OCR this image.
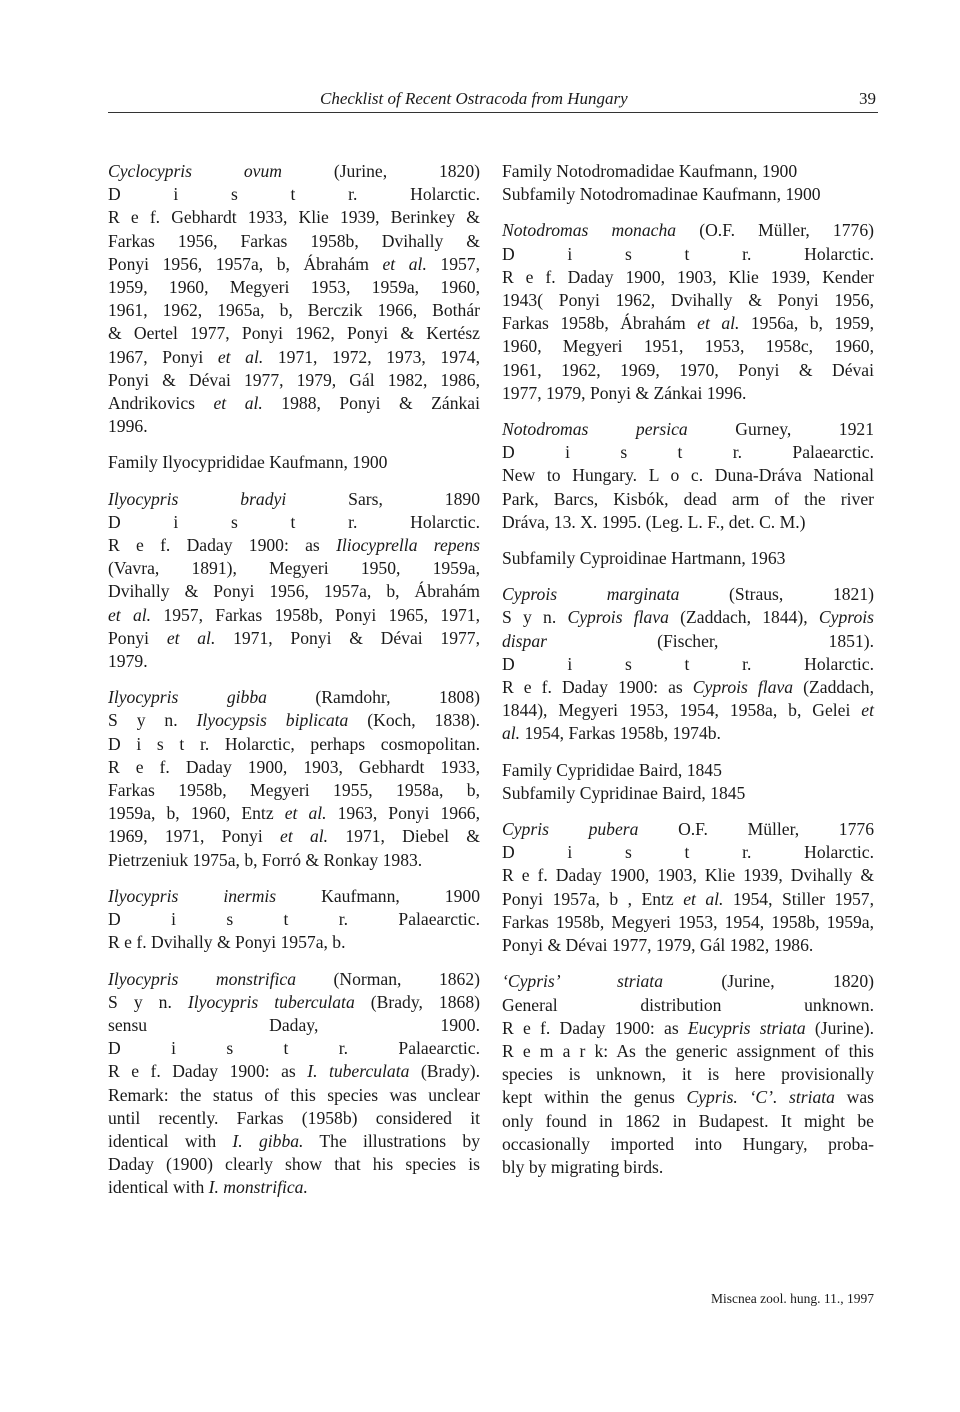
Checklist of Recent Ostracoda from Hungary	39
Cyclocypris ovum (Jurine, 1820)
D i s t r. Holarctic.
R e f. Gebhardt 1933, Klie 1939, Berinkey &
Farkas 1956, Farkas 1958b, Dvihally &
Ponyi 1956, 1957a, b, Ábrahám et al. 1957,
1959, 1960, Megyeri 1953, 1959a, 1960,
1961, 1962, 1965a, b, Berczik 1966, Bothár
& Oertel 1977, Ponyi 1962, Ponyi & Kertész
1967, Ponyi et al. 1971, 1972, 1973, 1974,
Ponyi & Dévai 1977, 1979, Gál 1982, 1986,
Andrikovics et al. 1988, Ponyi & Zánkai
1996.
Family Ilyocyprididae Kaufmann, 1900
Ilyocypris bradyi Sars, 1890
D i s t r. Holarctic.
R e f. Daday 1900: as Iliocyprella repens
(Vavra, 1891), Megyeri 1950, 1959a,
Dvihally & Ponyi 1956, 1957a, b, Ábrahám
et al. 1957, Farkas 1958b, Ponyi 1965, 1971,
Ponyi et al. 1971, Ponyi & Dévai 1977,
1979.
Ilyocypris gibba (Ramdohr, 1808)
S y n. Ilyocypsis biplicata (Koch, 1838).
D i s t r. Holarctic, perhaps cosmopolitan.
R e f. Daday 1900, 1903, Gebhardt 1933,
Farkas 1958b, Megyeri 1955, 1958a, b,
1959a, b, 1960, Entz et al. 1963, Ponyi 1966,
1969, 1971, Ponyi et al. 1971, Diebel &
Pietrzeniuk 1975a, b, Forró & Ronkay 1983.
Ilyocypris inermis Kaufmann, 1900
D i s t r. Palaearctic.
R e f. Dvihally & Ponyi 1957a, b.
Ilyocypris monstrifica (Norman, 1862)
S y n. Ilyocypris tuberculata (Brady, 1868)
sensu Daday, 1900.
D i s t r. Palaearctic.
R e f. Daday 1900: as I. tuberculata (Brady).
Remark: the status of this species was unclear
until recently. Farkas (1958b) considered it
identical with I. gibba. The illustrations by
Daday (1900) clearly show that his species is
identical with I. monstrifica.
Family Notodromadidae Kaufmann, 1900
Subfamily Notodromadinae Kaufmann, 1900
Notodromas monacha (O.F. Müller, 1776)
D i s t r. Holarctic.
R e f. Daday 1900, 1903, Klie 1939, Kender
1943( Ponyi 1962, Dvihally & Ponyi 1956,
Farkas 1958b, Ábrahám et al. 1956a, b, 1959,
1960, Megyeri 1951, 1953, 1958c, 1960,
1961, 1962, 1969, 1970, Ponyi & Dévai
1977, 1979, Ponyi & Zánkai 1996.
Notodromas persica Gurney, 1921
D i s t r. Palaearctic.
New to Hungary. L o c. Duna-Dráva National
Park, Barcs, Kisbók, dead arm of the river
Dráva, 13. X. 1995. (Leg. L. F., det. C. M.)
Subfamily Cyproidinae Hartmann, 1963
Cyprois marginata (Straus, 1821)
S y n. Cyprois flava (Zaddach, 1844), Cyprois
dispar (Fischer, 1851).
D i s t r. Holarctic.
R e f. Daday 1900: as Cyprois flava (Zaddach,
1844), Megyeri 1953, 1954, 1958a, b, Gelei et
al. 1954, Farkas 1958b, 1974b.
Family Cyprididae Baird, 1845
Subfamily Cypridinae Baird, 1845
Cypris pubera O.F. Müller, 1776
D i s t r. Holarctic.
R e f. Daday 1900, 1903, Klie 1939, Dvihally &
Ponyi 1957a, b , Entz et al. 1954, Stiller 1957,
Farkas 1958b, Megyeri 1953, 1954, 1958b, 1959a,
Ponyi & Dévai 1977, 1979, Gál 1982, 1986.
‘Cypris’ striata (Jurine, 1820)
General distribution unknown.
R e f. Daday 1900: as Eucypris striata (Jurine).
R e m a r k: As the generic assignment of this
species is unknown, it is here provisionally
kept within the genus Cypris. ‘C’. striata was
only found in 1862 in Budapest. It might be
occasionally imported into Hungary, proba-
bly by migrating birds.
Miscnea zool. hung. 11., 1997
